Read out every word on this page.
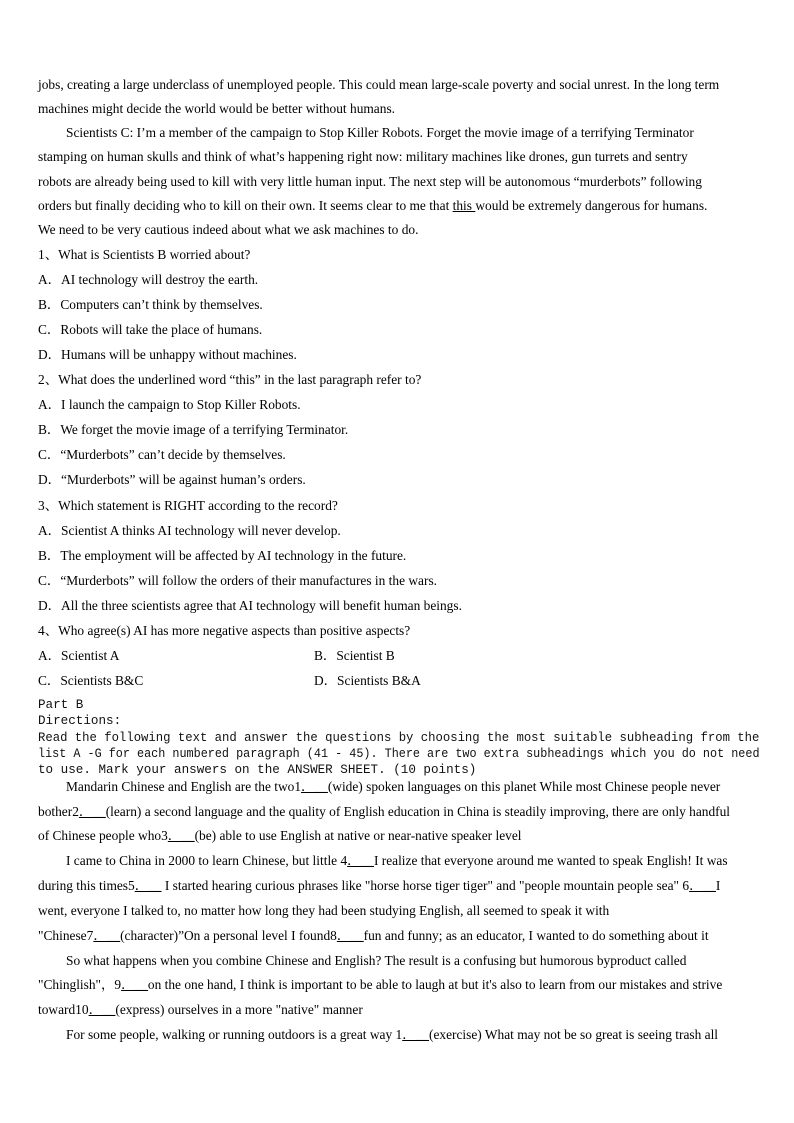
jobs, creating a large underclass of unemployed people. This could mean large-scale poverty and social unrest. In the long term
machines might decide the world would be better without humans.
Scientists C: I’m a member of the campaign to Stop Killer Robots. Forget the movie image of a terrifying Terminator
stamping on human skulls and think of what’s happening right now: military machines like drones, gun turrets and sentry
robots are already being used to kill with very little human input. The next step will be autonomous “murderbots” following
orders but finally deciding who to kill on their own. It seems clear to me that this would be extremely dangerous for humans.
We need to be very cautious indeed about what we ask machines to do.
1、What is Scientists B worried about?
A．AI technology will destroy the earth.
B．Computers can’t think by themselves.
C．Robots will take the place of humans.
D．Humans will be unhappy without machines.
2、What does the underlined word “this” in the last paragraph refer to?
A．I launch the campaign to Stop Killer Robots.
B．We forget the movie image of a terrifying Terminator.
C．“Murderbots” can’t decide by themselves.
D．“Murderbots” will be against human’s orders.
3、Which statement is RIGHT according to the record?
A．Scientist A thinks AI technology will never develop.
B．The employment will be affected by AI technology in the future.
C．“Murderbots” will follow the orders of their manufactures in the wars.
D．All the three scientists agree that AI technology will benefit human beings.
4、Who agree(s) AI has more negative aspects than positive aspects?
A．Scientist A	B．Scientist B
C．Scientists B&C	D．Scientists B&A
Part B
Directions:
Read the following text and answer the questions by choosing the most suitable subheading from the
list A -G for each numbered paragraph (41 - 45). There are two extra subheadings which you do not need
to use. Mark your answers on the ANSWER SHEET. (10 points)
Mandarin Chinese and English are the two1．__(wide) spoken languages on this planet While most Chinese people never
bother2．__(learn) a second language and the quality of English education in China is steadily improving, there are only handful
of Chinese people who3．__(be) able to use English at native or near-native speaker level
I came to China in 2000 to learn Chinese, but little 4．__I realize that everyone around me wanted to speak English! It was
during this times5．__ I started hearing curious phrases like "horse horse tiger tiger" and "people mountain people sea" 6．__I
went, everyone I talked to, no matter how long they had been studying English, all seemed to speak it with
"Chinese7．__(character)”On a personal level I found8．__fun and funny; as an educator, I wanted to do something about it
So what happens when you combine Chinese and English? The result is a confusing but humorous byproduct called
"Chinglish"，9．__on the one hand, I think is important to be able to laugh at but it's also to learn from our mistakes and strive
toward10．__(express) ourselves in a more "native" manner
For some people, walking or running outdoors is a great way 1．__(exercise) What may not be so great is seeing trash all
